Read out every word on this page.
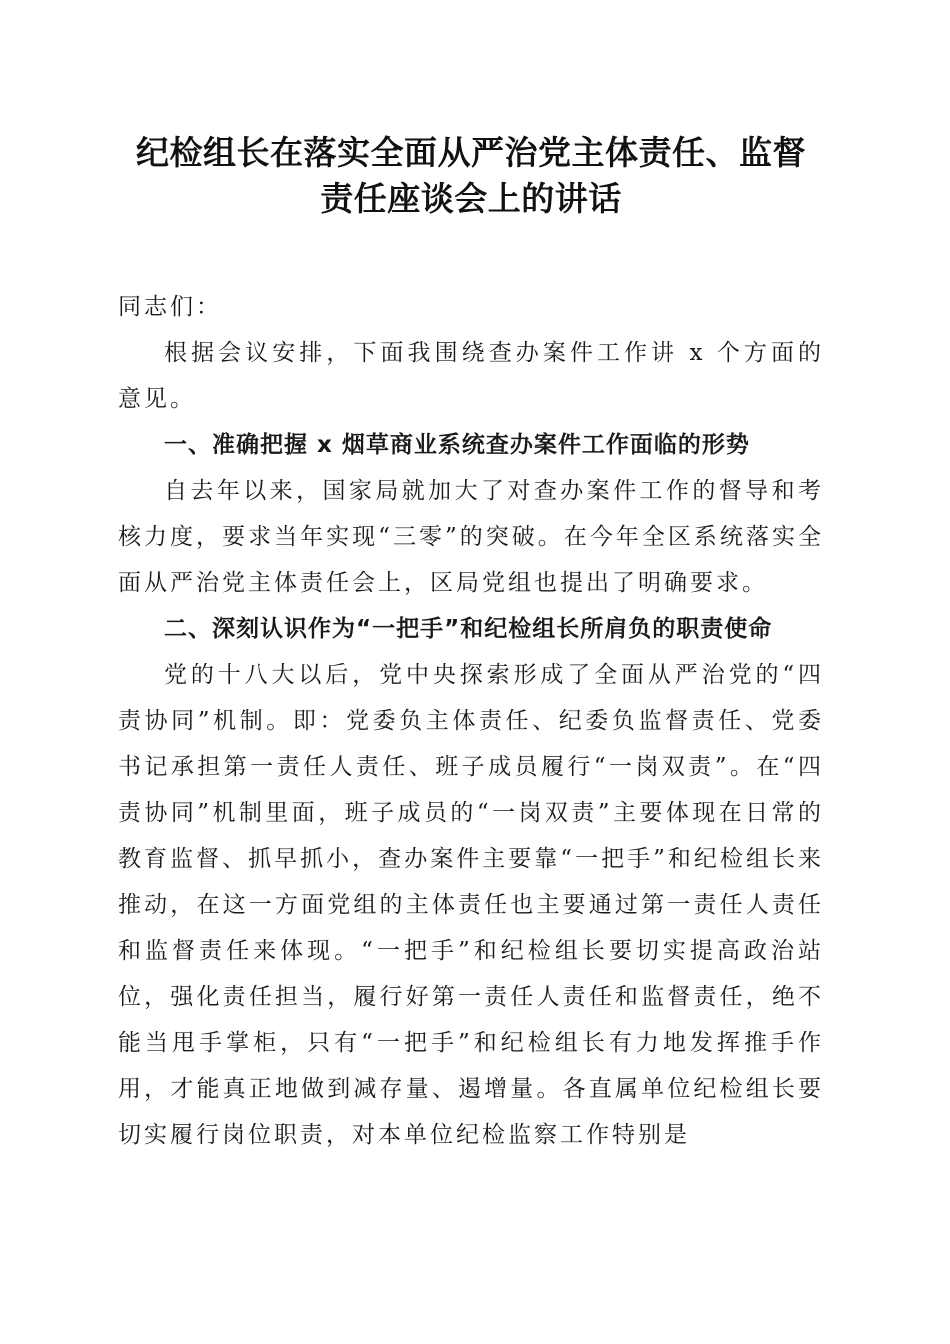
纪检组长在落实全面从严治党主体责任、监督
责任座谈会上的讲话

同志们：

根据会议安排，下面我围绕查办案件工作讲 x 个方面的意见。

一、准确把握 x 烟草商业系统查办案件工作面临的形势

自去年以来，国家局就加大了对查办案件工作的督导和考核力度，要求当年实现“三零”的突破。在今年全区系统落实全面从严治党主体责任会上，区局党组也提出了明确要求。

二、深刻认识作为“一把手”和纪检组长所肩负的职责使命

党的十八大以后，党中央探索形成了全面从严治党的“四责协同”机制。即：党委负主体责任、纪委负监督责任、党委书记承担第一责任人责任、班子成员履行“一岗双责”。在“四责协同”机制里面，班子成员的“一岗双责”主要体现在日常的教育监督、抓早抓小，查办案件主要靠“一把手”和纪检组长来推动，在这一方面党组的主体责任也主要通过第一责任人责任和监督责任来体现。“一把手”和纪检组长要切实提高政治站位，强化责任担当，履行好第一责任人责任和监督责任，绝不能当甩手掌柜，只有“一把手”和纪检组长有力地发挥推手作用，才能真正地做到减存量、遏增量。各直属单位纪检组长要切实履行岗位职责，对本单位纪检监察工作特别是
